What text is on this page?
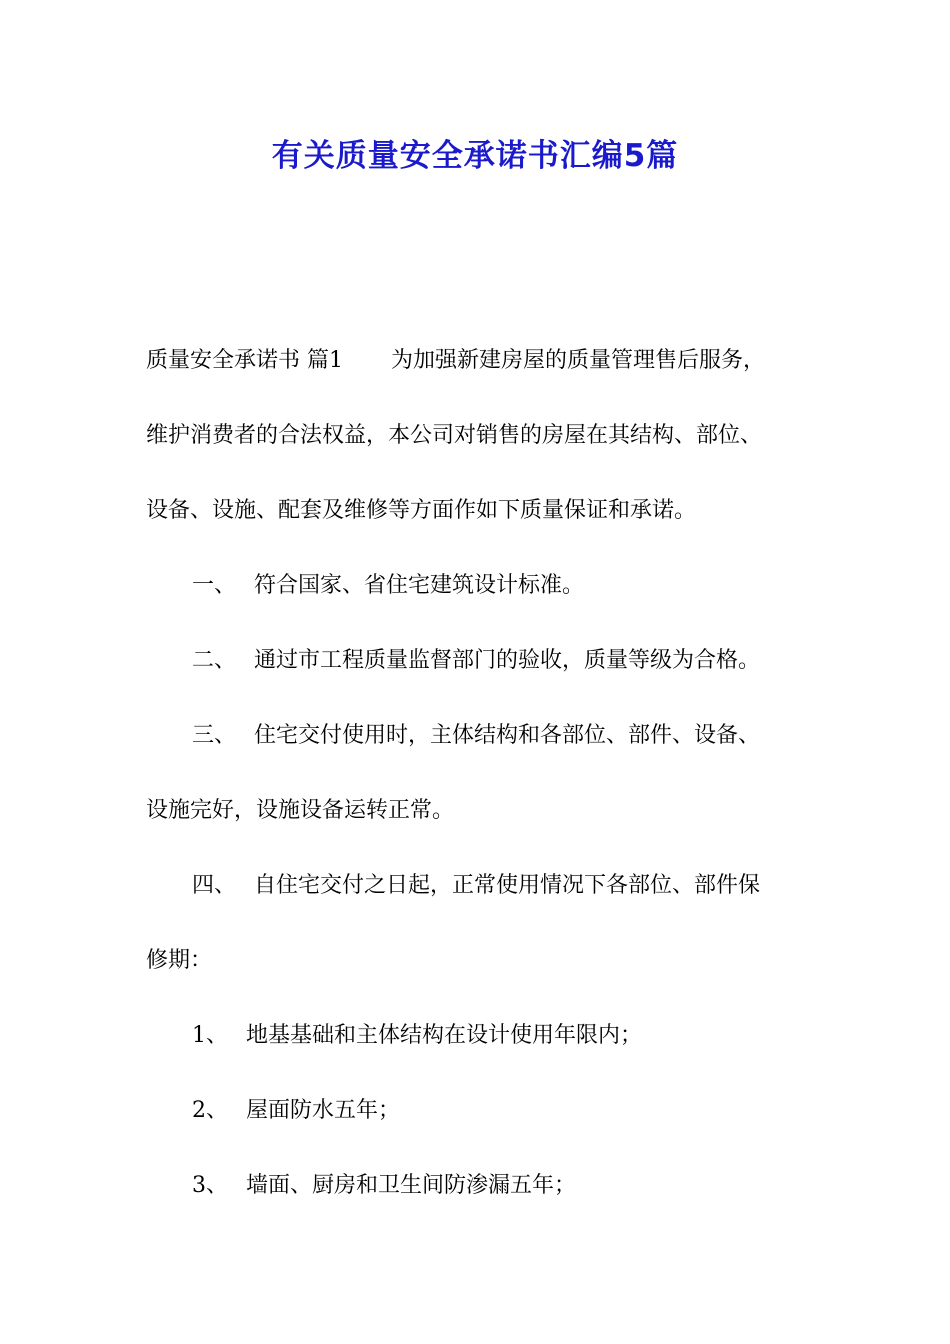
有关质量安全承诺书汇编5篇
质量安全承诺书 篇1 为加强新建房屋的质量管理售后服务，
维护消费者的合法权益，本公司对销售的房屋在其结构、部位、
设备、设施、配套及维修等方面作如下质量保证和承诺。
一、 符合国家、省住宅建筑设计标准。
二、 通过市工程质量监督部门的验收，质量等级为合格。
三、 住宅交付使用时，主体结构和各部位、部件、设备、
设施完好，设施设备运转正常。
四、 自住宅交付之日起，正常使用情况下各部位、部件保
修期：
1、 地基基础和主体结构在设计使用年限内；
2、 屋面防水五年；
3、 墙面、厨房和卫生间防渗漏五年；
